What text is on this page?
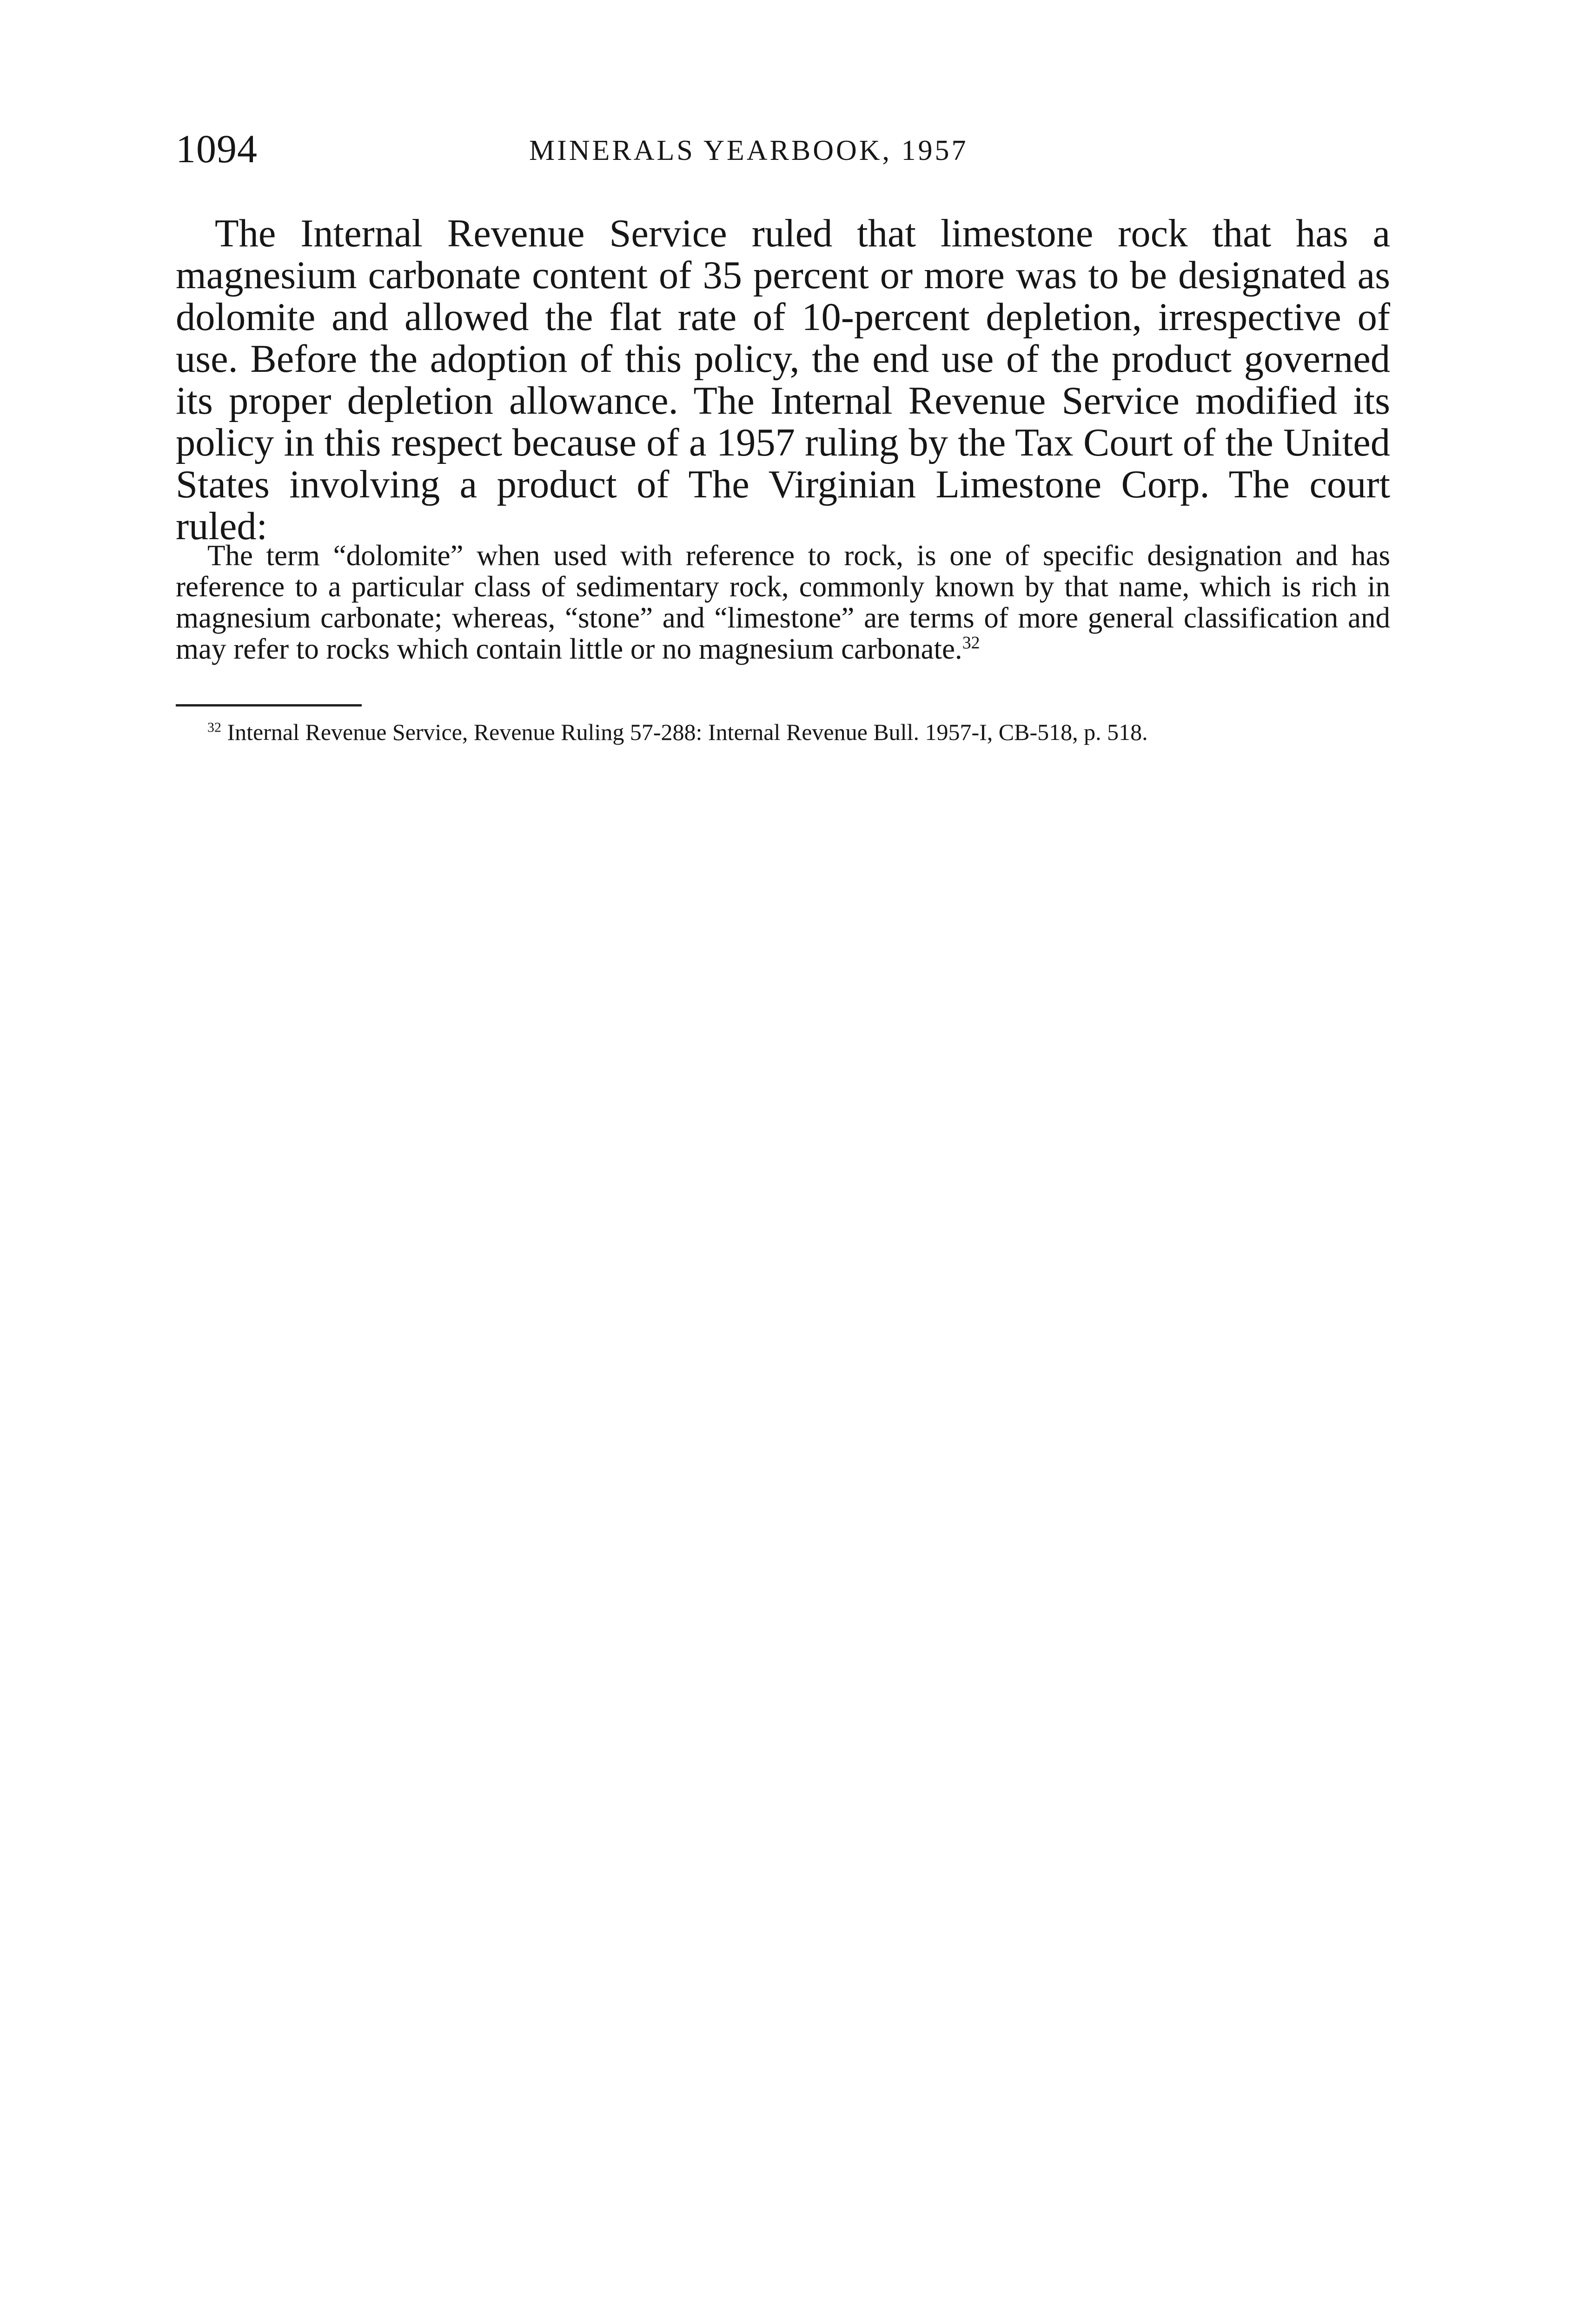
1094	MINERALS YEARBOOK, 1957

The Internal Revenue Service ruled that limestone rock that has a magnesium carbonate content of 35 percent or more was to be designated as dolomite and allowed the flat rate of 10-percent depletion, irrespective of use. Before the adoption of this policy, the end use of the product governed its proper depletion allowance. The Internal Revenue Service modified its policy in this respect because of a 1957 ruling by the Tax Court of the United States involving a product of The Virginian Limestone Corp. The court ruled:

The term “dolomite” when used with reference to rock, is one of specific designation and has reference to a particular class of sedimentary rock, commonly known by that name, which is rich in magnesium carbonate; whereas, “stone” and “limestone” are terms of more general classification and may refer to rocks which contain little or no magnesium carbonate.$^{32}$

$^{32}$ Internal Revenue Service, Revenue Ruling 57-288: Internal Revenue Bull. 1957-I, CB-518, p. 518.
